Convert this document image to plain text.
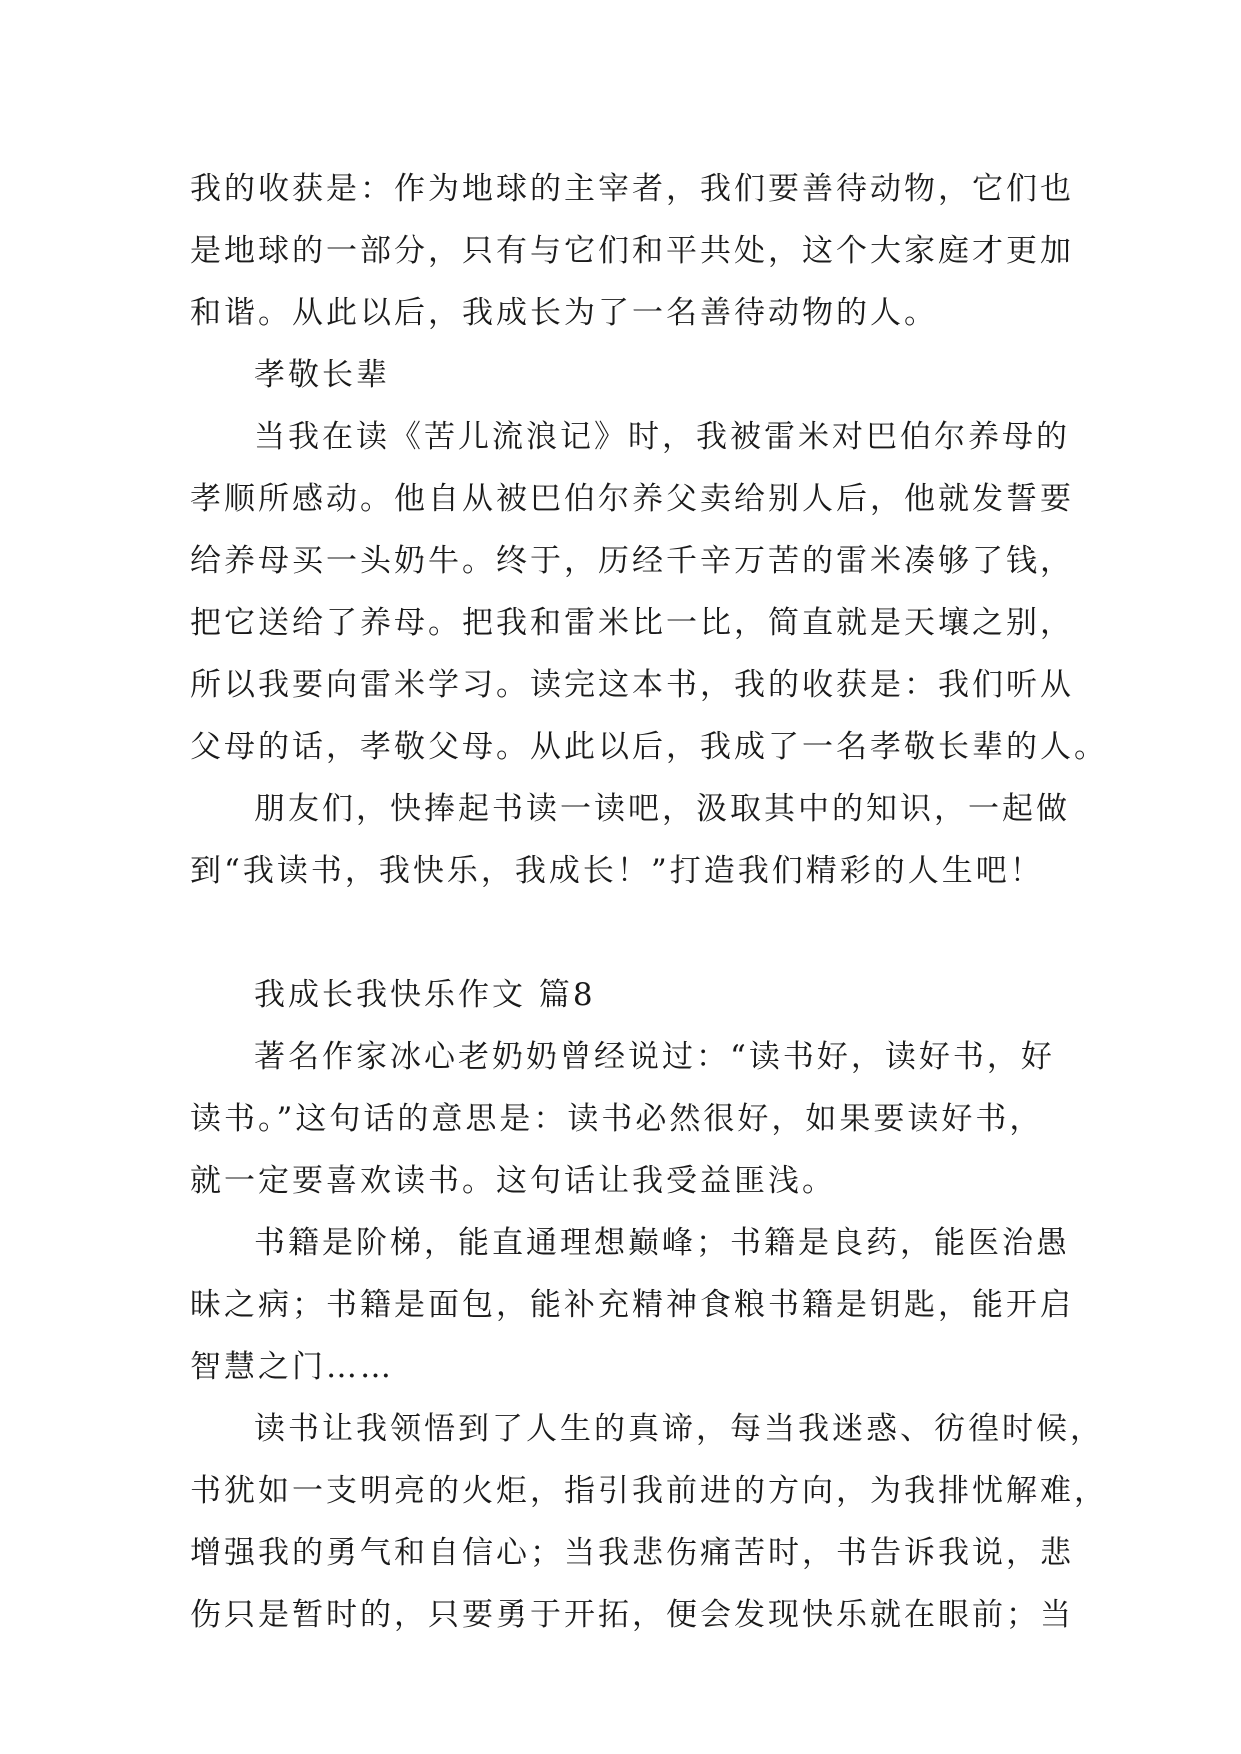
我的收获是：作为地球的主宰者，我们要善待动物，它们也
是地球的一部分，只有与它们和平共处，这个大家庭才更加
和谐。从此以后，我成长为了一名善待动物的人。
孝敬长辈
当我在读《苦儿流浪记》时，我被雷米对巴伯尔养母的
孝顺所感动。他自从被巴伯尔养父卖给别人后，他就发誓要
给养母买一头奶牛。终于，历经千辛万苦的雷米凑够了钱，
把它送给了养母。把我和雷米比一比，简直就是天壤之别，
所以我要向雷米学习。读完这本书，我的收获是：我们听从
父母的话，孝敬父母。从此以后，我成了一名孝敬长辈的人。
朋友们，快捧起书读一读吧，汲取其中的知识，一起做
到“我读书，我快乐，我成长！”打造我们精彩的人生吧！
我成长我快乐作文 篇8
著名作家冰心老奶奶曾经说过：“读书好，读好书，好
读书。”这句话的意思是：读书必然很好，如果要读好书，
就一定要喜欢读书。这句话让我受益匪浅。
书籍是阶梯，能直通理想巅峰；书籍是良药，能医治愚
昧之病；书籍是面包，能补充精神食粮书籍是钥匙，能开启
智慧之门……
读书让我领悟到了人生的真谛，每当我迷惑、彷徨时候，
书犹如一支明亮的火炬，指引我前进的方向，为我排忧解难，
增强我的勇气和自信心；当我悲伤痛苦时，书告诉我说，悲
伤只是暂时的，只要勇于开拓，便会发现快乐就在眼前；当
